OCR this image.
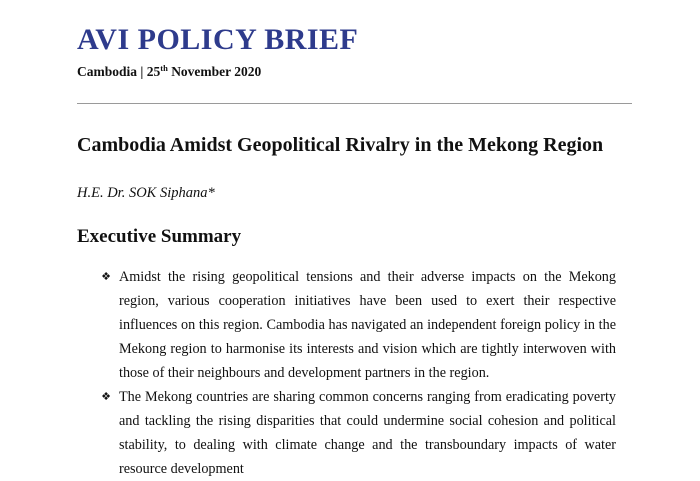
AVI POLICY BRIEF
Cambodia | 25th November 2020
Cambodia Amidst Geopolitical Rivalry in the Mekong Region
H.E. Dr. SOK Siphana*
Executive Summary
❖ Amidst the rising geopolitical tensions and their adverse impacts on the Mekong region, various cooperation initiatives have been used to exert their respective influences on this region. Cambodia has navigated an independent foreign policy in the Mekong region to harmonise its interests and vision which are tightly interwoven with those of their neighbours and development partners in the region.
❖ The Mekong countries are sharing common concerns ranging from eradicating poverty and tackling the rising disparities that could undermine social cohesion and political stability, to dealing with climate change and the transboundary impacts of water resource development
